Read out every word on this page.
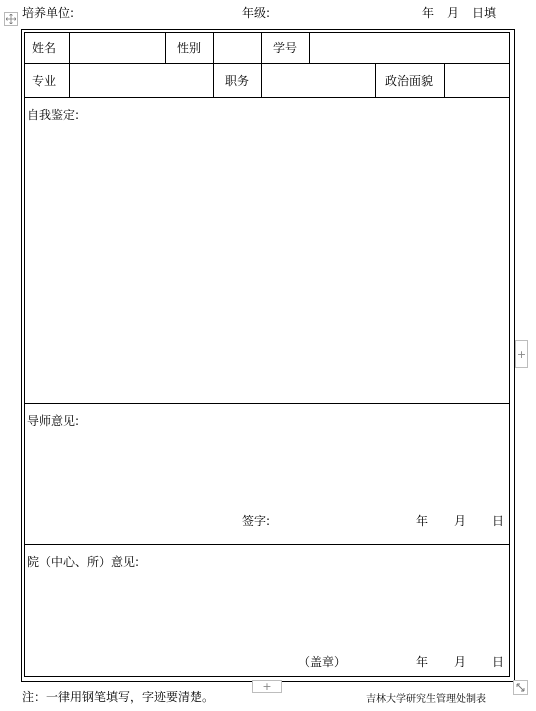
培养单位:	年级:	年 月 日填
姓名	性别	学号
专业	职务	政治面貌
自我鉴定:
导师意见:
签字:	年 月 日
院（中心、所）意见:
（盖章）	年 月 日
+
+
注：一律用钢笔填写，字迹要清楚。	吉林大学研究生管理处制表
